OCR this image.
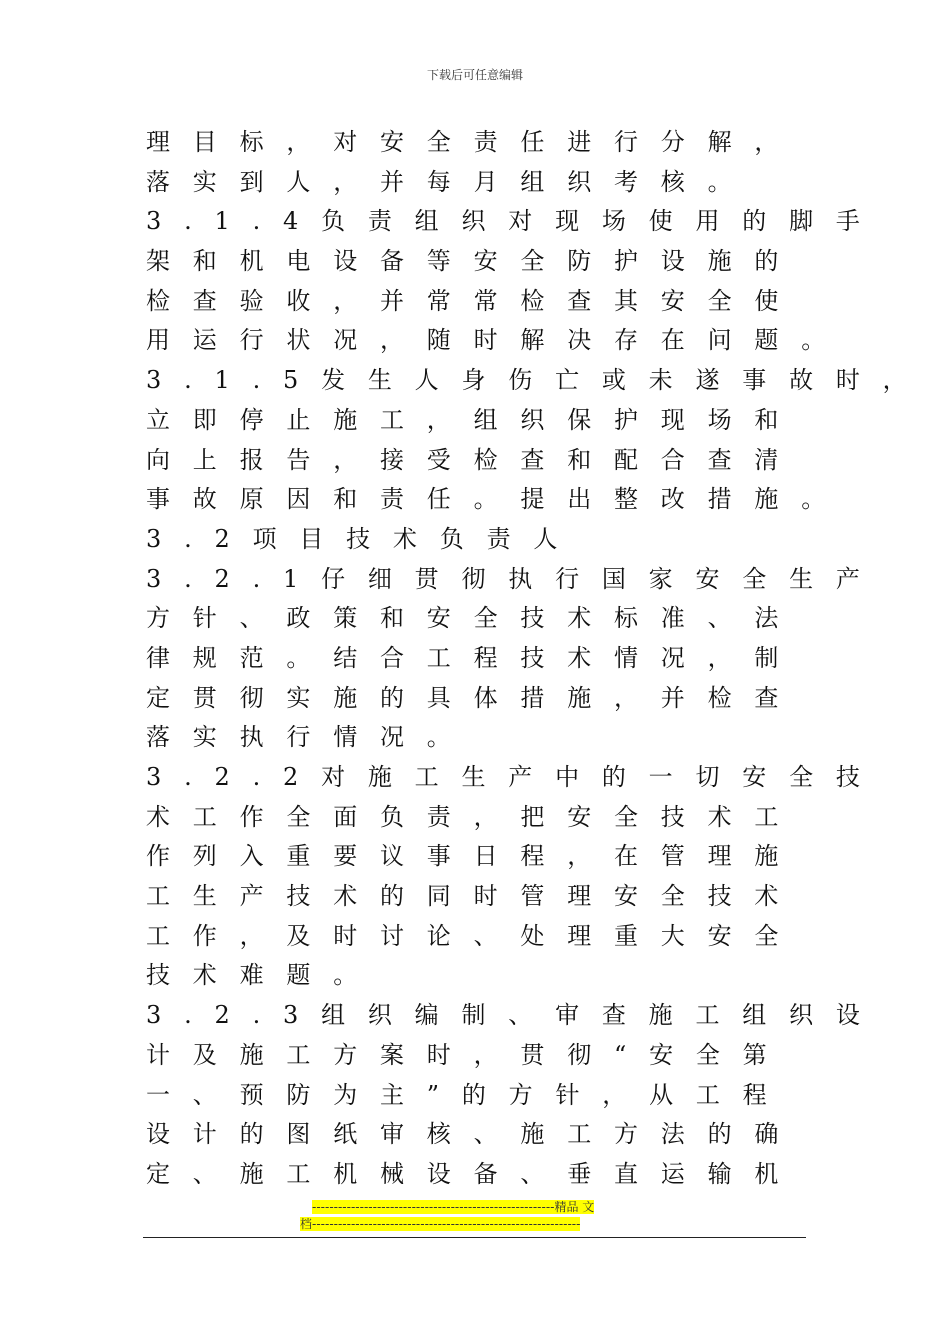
下载后可任意编辑
理目标，对安全责任进行分解，
落实到人，并每月组织考核。
3.1.4负责组织对现场使用的脚手
架和机电设备等安全防护设施的
检查验收，并常常检查其安全使
用运行状况，随时解决存在问题。
3.1.5发生人身伤亡或未遂事故时，
立即停止施工，组织保护现场和
向上报告，接受检查和配合查清
事故原因和责任。提出整改措施。
3.2项目技术负责人
3.2.1仔细贯彻执行国家安全生产
方针、政策和安全技术标准、法
律规范。结合工程技术情况，制
定贯彻实施的具体措施，并检查
落实执行情况。
3.2.2对施工生产中的一切安全技
术工作全面负责，把安全技术工
作列入重要议事日程，在管理施
工生产技术的同时管理安全技术
工作，及时讨论、处理重大安全
技术难题。
3.2.3组织编制、审查施工组织设
计及施工方案时，贯彻“安全第
一、预防为主”的方针，从工程
设计的图纸审核、施工方法的确
定、施工机械设备、垂直运输机
--------------------------------------------------------精品 文
档--------------------------------------------------------------
